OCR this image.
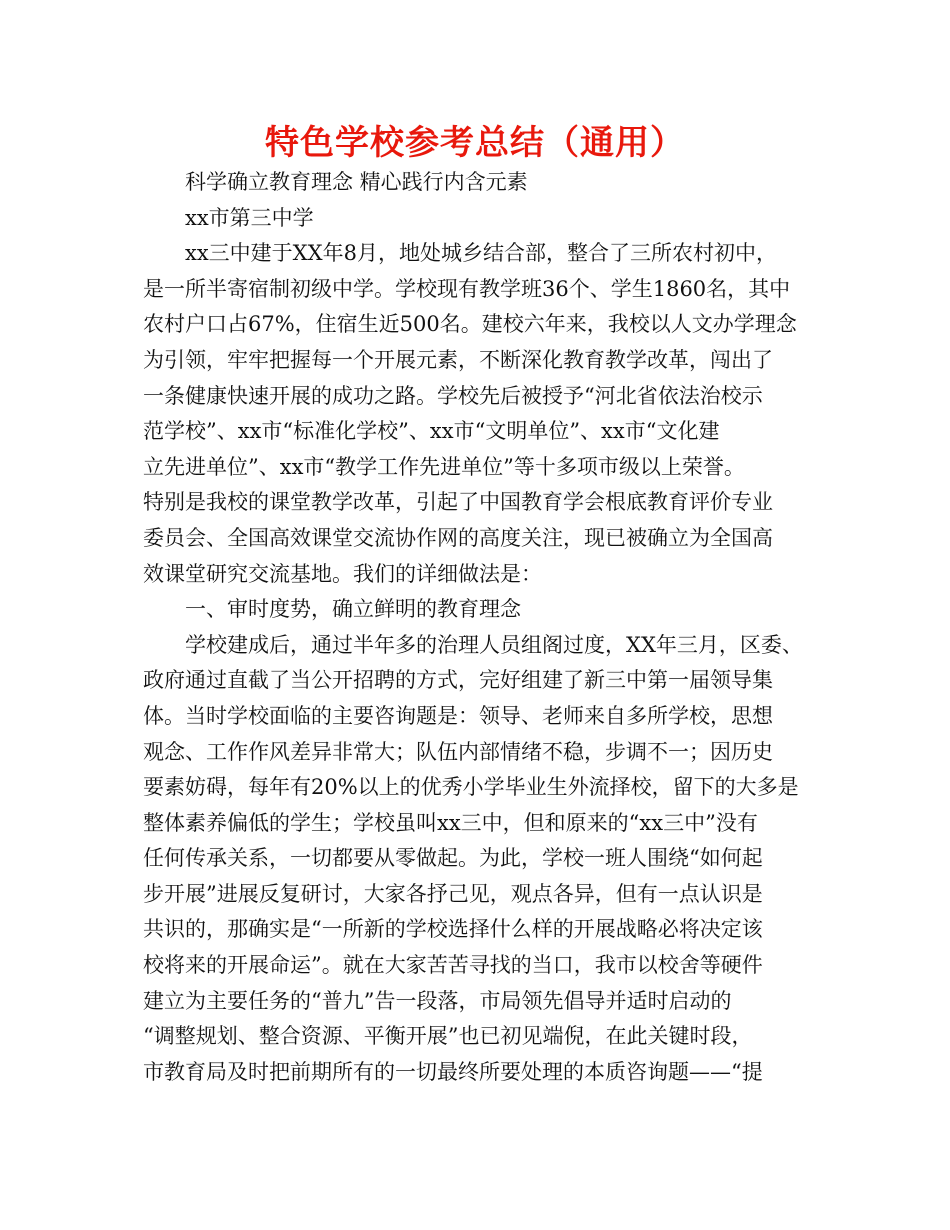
特色学校参考总结（通用）
科学确立教育理念 精心践行内含元素
xx市第三中学
xx三中建于XX年8月，地处城乡结合部，整合了三所农村初中，
是一所半寄宿制初级中学。学校现有教学班36个、学生1860名，其中
农村户口占67%，住宿生近500名。建校六年来，我校以人文办学理念
为引领，牢牢把握每一个开展元素，不断深化教育教学改革，闯出了
一条健康快速开展的成功之路。学校先后被授予“河北省依法治校示
范学校”、xx市“标准化学校”、xx市“文明单位”、xx市“文化建
立先进单位”、xx市“教学工作先进单位”等十多项市级以上荣誉。
特别是我校的课堂教学改革，引起了中国教育学会根底教育评价专业
委员会、全国高效课堂交流协作网的高度关注，现已被确立为全国高
效课堂研究交流基地。我们的详细做法是：
一、审时度势，确立鲜明的教育理念
学校建成后，通过半年多的治理人员组阁过度，XX年三月，区委、
政府通过直截了当公开招聘的方式，完好组建了新三中第一届领导集
体。当时学校面临的主要咨询题是：领导、老师来自多所学校，思想
观念、工作作风差异非常大；队伍内部情绪不稳，步调不一；因历史
要素妨碍，每年有20%以上的优秀小学毕业生外流择校，留下的大多是
整体素养偏低的学生；学校虽叫xx三中，但和原来的“xx三中”没有
任何传承关系，一切都要从零做起。为此，学校一班人围绕“如何起
步开展”进展反复研讨，大家各抒己见，观点各异，但有一点认识是
共识的，那确实是“一所新的学校选择什么样的开展战略必将决定该
校将来的开展命运”。就在大家苦苦寻找的当口，我市以校舍等硬件
建立为主要任务的“普九”告一段落，市局领先倡导并适时启动的
“调整规划、整合资源、平衡开展”也已初见端倪，在此关键时段，
市教育局及时把前期所有的一切最终所要处理的本质咨询题——“提
